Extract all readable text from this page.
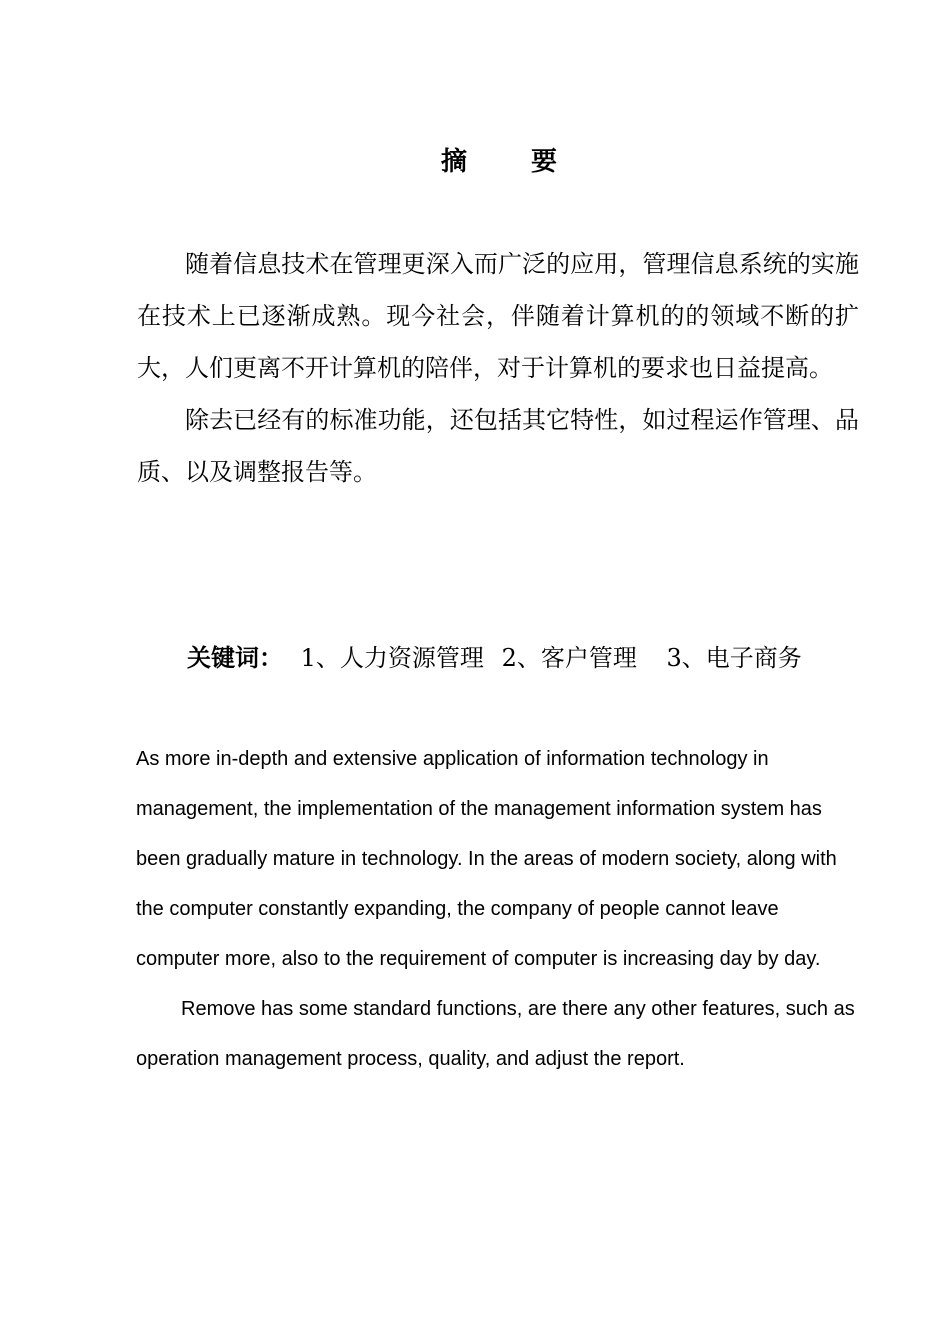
摘 要

随着信息技术在管理更深入而广泛的应用，管理信息系统的实施在技术上已逐渐成熟。现今社会，伴随着计算机的的领域不断的扩大，人们更离不开计算机的陪伴，对于计算机的要求也日益提高。

除去已经有的标准功能，还包括其它特性，如过程运作管理、品质、以及调整报告等。

关键词： 1、人力资源管理 2、客户管理 3、电子商务

As more in-depth and extensive application of information technology in management, the implementation of the management information system has been gradually mature in technology. In the areas of modern society, along with the computer constantly expanding, the company of people cannot leave computer more, also to the requirement of computer is increasing day by day.

Remove has some standard functions, are there any other features, such as operation management process, quality, and adjust the report.
